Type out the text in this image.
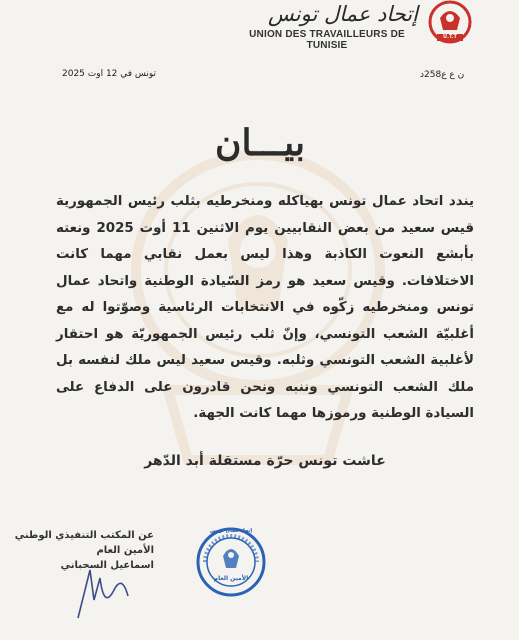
U.T.T
إتحاد عمال تونس
UNION DES TRAVAILLEURS DE TUNISIE
ن ع ع258د
تونس في 12 اوت 2025
بيـــان
يندد اتحاد عمال تونس بهياكله ومنخرطيه بثلب رئيس الجمهورية قيس سعيد من بعض النقابيين يوم الاثنين 11 أوت 2025 ونعته بأبشع النعوت الكاذبة وهذا ليس بعمل نقابي مهما كانت الاختلافات. وقيس سعيد هو رمز السّيادة الوطنية واتحاد عمال تونس ومنخرطيه زكّوه في الانتخابات الرئاسية وصوّتوا له مع أغلبيّة الشعب التونسي، وإنّ ثلب رئيس الجمهوريّة هو احتقار لأغلبية الشعب التونسي وثلبه. وقيس سعيد ليس ملك لنفسه بل ملك الشعب التونسي وننبه ونحن قادرون على الدفاع على السيادة الوطنية ورموزها مهما كانت الجهة.
عاشت تونس حرّة مستقلة أبد الدّهر
عن المكتب التنفيذي الوطني
الأمين العام
اسماعيل السحباني
الأمين العام
إتحاد عمال تونس
